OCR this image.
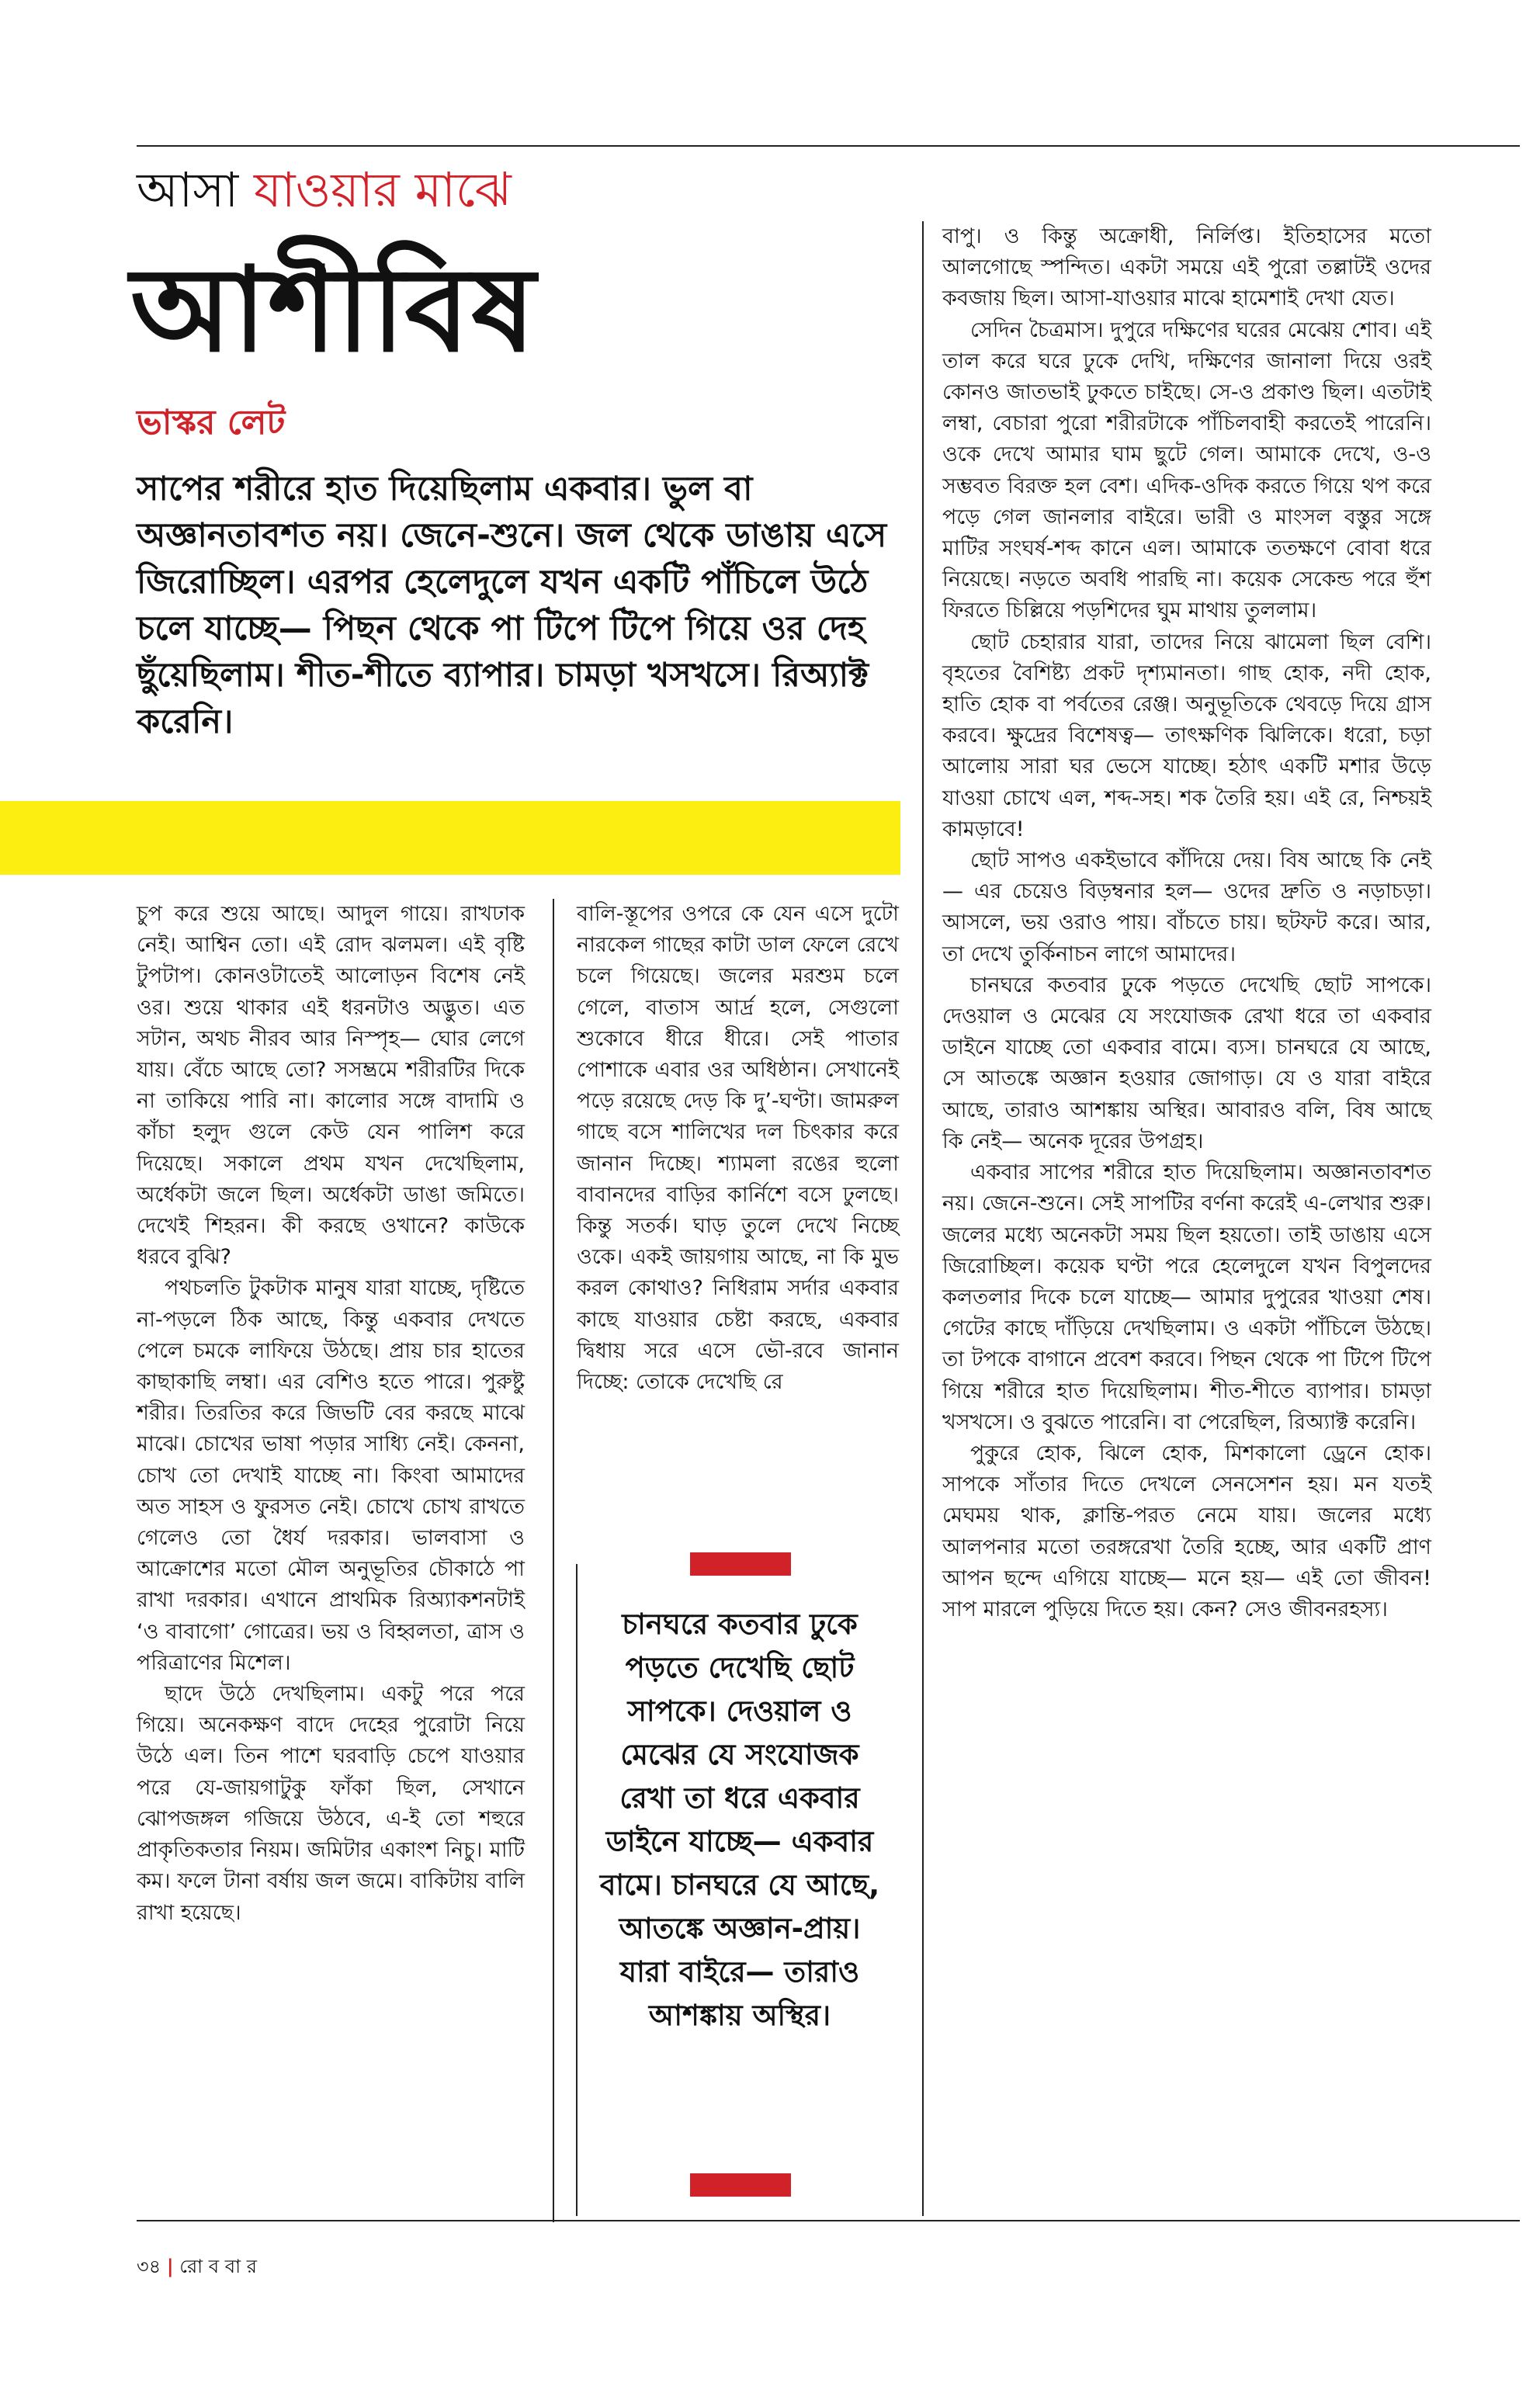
আসা যাওয়ার মাঝে
আশীবিষ
ভাস্কর লেট
সাপের শরীরে হাত দিয়েছিলাম একবার। ভুল বা অজ্ঞানতাবশত নয়। জেনে-শুনে। জল থেকে ডাঙায় এসে জিরোচ্ছিল। এরপর হেলেদুলে যখন একটি পাঁচিলে উঠে চলে যাচ্ছে— পিছন থেকে পা টিপে টিপে গিয়ে ওর দেহ ছুঁয়েছিলাম। শীত-শীতে ব্যাপার। চামড়া খসখসে। রিঅ্যাক্ট করেনি।

চুপ করে শুয়ে আছে। আদুল গায়ে। রাখঢাক নেই। আশ্বিন তো। এই রোদ ঝলমল। এই বৃষ্টি টুপটাপ। কোনওটাতেই আলোড়ন বিশেষ নেই ওর। শুয়ে থাকার এই ধরনটাও অদ্ভুত। এত সটান, অথচ নীরব আর নিস্পৃহ— ঘোর লেগে যায়। বেঁচে আছে তো? সসম্ভ্রমে শরীরটির দিকে না তাকিয়ে পারি না। কালোর সঙ্গে বাদামি ও কাঁচা হলুদ গুলে কেউ যেন পালিশ করে দিয়েছে। সকালে প্রথম যখন দেখেছিলাম, অর্ধেকটা জলে ছিল। অর্ধেকটা ডাঙা জমিতে। দেখেই শিহরন। কী করছে ওখানে? কাউকে ধরবে বুঝি?

পথচলতি টুকটাক মানুষ যারা যাচ্ছে, দৃষ্টিতে না-পড়লে ঠিক আছে, কিন্তু একবার দেখতে পেলে চমকে লাফিয়ে উঠছে। প্রায় চার হাতের কাছাকাছি লম্বা। এর বেশিও হতে পারে। পুরুষ্টু শরীর। তিরতির করে জিভটি বের করছে মাঝে মাঝে। চোখের ভাষা পড়ার সাধ্যি নেই। কেননা, চোখ তো দেখাই যাচ্ছে না। কিংবা আমাদের অত সাহস ও ফুরসত নেই। চোখে চোখ রাখতে গেলেও তো ধৈর্য দরকার। ভালবাসা ও আক্রোশের মতো মৌল অনুভূতির চৌকাঠে পা রাখা দরকার। এখানে প্রাথমিক রিঅ্যাকশনটাই ‘ও বাবাগো’ গোত্রের। ভয় ও বিহ্বলতা, ত্রাস ও পরিত্রাণের মিশেল।

ছাদে উঠে দেখছিলাম। একটু পরে পরে গিয়ে। অনেকক্ষণ বাদে দেহের পুরোটা নিয়ে উঠে এল। তিন পাশে ঘরবাড়ি চেপে যাওয়ার পরে যে-জায়গাটুকু ফাঁকা ছিল, সেখানে ঝোপজঙ্গল গজিয়ে উঠবে, এ-ই তো শহুরে প্রাকৃতিকতার নিয়ম। জমিটার একাংশ নিচু। মাটি কম। ফলে টানা বর্ষায় জল জমে। বাকিটায় বালি রাখা হয়েছে।

বালি-স্তূপের ওপরে কে যেন এসে দুটো নারকেল গাছের কাটা ডাল ফেলে রেখে চলে গিয়েছে। জলের মরশুম চলে গেলে, বাতাস আর্দ্র হলে, সেগুলো শুকোবে ধীরে ধীরে। সেই পাতার পোশাকে এবার ওর অধিষ্ঠান। সেখানেই পড়ে রয়েছে দেড় কি দু’-ঘণ্টা। জামরুল গাছে বসে শালিখের দল চিৎকার করে জানান দিচ্ছে। শ্যামলা রঙের হুলো বাবানদের বাড়ির কার্নিশে বসে ঢুলছে। কিন্তু সতর্ক। ঘাড় তুলে দেখে নিচ্ছে ওকে। একই জায়গায় আছে, না কি মুভ করল কোথাও? নিধিরাম সর্দার একবার কাছে যাওয়ার চেষ্টা করছে, একবার দ্বিধায় সরে এসে ভৌ-রবে জানান দিচ্ছে: তোকে দেখেছি রে

চানঘরে কতবার ঢুকে পড়তে দেখেছি ছোট সাপকে। দেওয়াল ও মেঝের যে সংযোজক রেখা তা ধরে একবার ডাইনে যাচ্ছে— একবার বামে। চানঘরে যে আছে, আতঙ্কে অজ্ঞান-প্রায়। যারা বাইরে— তারাও আশঙ্কায় অস্থির।

বাপু। ও কিন্তু অক্রোধী, নির্লিপ্ত। ইতিহাসের মতো আলগোছে স্পন্দিত। একটা সময়ে এই পুরো তল্লাটই ওদের কবজায় ছিল। আসা-যাওয়ার মাঝে হামেশাই দেখা যেত।

সেদিন চৈত্রমাস। দুপুরে দক্ষিণের ঘরের মেঝেয় শোব। এই তাল করে ঘরে ঢুকে দেখি, দক্ষিণের জানালা দিয়ে ওরই কোনও জাতভাই ঢুকতে চাইছে। সে-ও প্রকাণ্ড ছিল। এতটাই লম্বা, বেচারা পুরো শরীরটাকে পাঁচিলবাহী করতেই পারেনি। ওকে দেখে আমার ঘাম ছুটে গেল। আমাকে দেখে, ও-ও সম্ভবত বিরক্ত হল বেশ। এদিক-ওদিক করতে গিয়ে থপ করে পড়ে গেল জানলার বাইরে। ভারী ও মাংসল বস্তুর সঙ্গে মাটির সংঘর্ষ-শব্দ কানে এল। আমাকে ততক্ষণে বোবা ধরে নিয়েছে। নড়তে অবধি পারছি না। কয়েক সেকেন্ড পরে হুঁশ ফিরতে চিল্লিয়ে পড়শিদের ঘুম মাথায় তুললাম।

ছোট চেহারার যারা, তাদের নিয়ে ঝামেলা ছিল বেশি। বৃহতের বৈশিষ্ট্য প্রকট দৃশ্যমানতা। গাছ হোক, নদী হোক, হাতি হোক বা পর্বতের রেঞ্জ। অনুভূতিকে থেবড়ে দিয়ে গ্রাস করবে। ক্ষুদ্রের বিশেষত্ব— তাৎক্ষণিক ঝিলিকে। ধরো, চড়া আলোয় সারা ঘর ভেসে যাচ্ছে। হঠাৎ একটি মশার উড়ে যাওয়া চোখে এল, শব্দ-সহ। শক তৈরি হয়। এই রে, নিশ্চয়ই কামড়াবে!

ছোট সাপও একইভাবে কাঁদিয়ে দেয়। বিষ আছে কি নেই— এর চেয়েও বিড়ম্বনার হল— ওদের দ্রুতি ও নড়াচড়া। আসলে, ভয় ওরাও পায়। বাঁচতে চায়। ছটফট করে। আর, তা দেখে তুর্কিনাচন লাগে আমাদের।

চানঘরে কতবার ঢুকে পড়তে দেখেছি ছোট সাপকে। দেওয়াল ও মেঝের যে সংযোজক রেখা ধরে তা একবার ডাইনে যাচ্ছে তো একবার বামে। ব্যস। চানঘরে যে আছে, সে আতঙ্কে অজ্ঞান হওয়ার জোগাড়। যে ও যারা বাইরে আছে, তারাও আশঙ্কায় অস্থির। আবারও বলি, বিষ আছে কি নেই— অনেক দূরের উপগ্রহ।

একবার সাপের শরীরে হাত দিয়েছিলাম। অজ্ঞানতাবশত নয়। জেনে-শুনে। সেই সাপটির বর্ণনা করেই এ-লেখার শুরু। জলের মধ্যে অনেকটা সময় ছিল হয়তো। তাই ডাঙায় এসে জিরোচ্ছিল। কয়েক ঘণ্টা পরে হেলেদুলে যখন বিপুলদের কলতলার দিকে চলে যাচ্ছে— আমার দুপুরের খাওয়া শেষ। গেটের কাছে দাঁড়িয়ে দেখছিলাম। ও একটা পাঁচিলে উঠছে। তা টপকে বাগানে প্রবেশ করবে। পিছন থেকে পা টিপে টিপে গিয়ে শরীরে হাত দিয়েছিলাম। শীত-শীতে ব্যাপার। চামড়া খসখসে। ও বুঝতে পারেনি। বা পেরেছিল, রিঅ্যাক্ট করেনি।

পুকুরে হোক, ঝিলে হোক, মিশকালো ড্রেনে হোক। সাপকে সাঁতার দিতে দেখলে সেনসেশন হয়। মন যতই মেঘময় থাক, ক্লান্তি-পরত নেমে যায়। জলের মধ্যে আলপনার মতো তরঙ্গরেখা তৈরি হচ্ছে, আর একটি প্রাণ আপন ছন্দে এগিয়ে যাচ্ছে— মনে হয়— এই তো জীবন! সাপ মারলে পুড়িয়ে দিতে হয়। কেন? সেও জীবনরহস্য।

৩৪ | রো ব বা র
